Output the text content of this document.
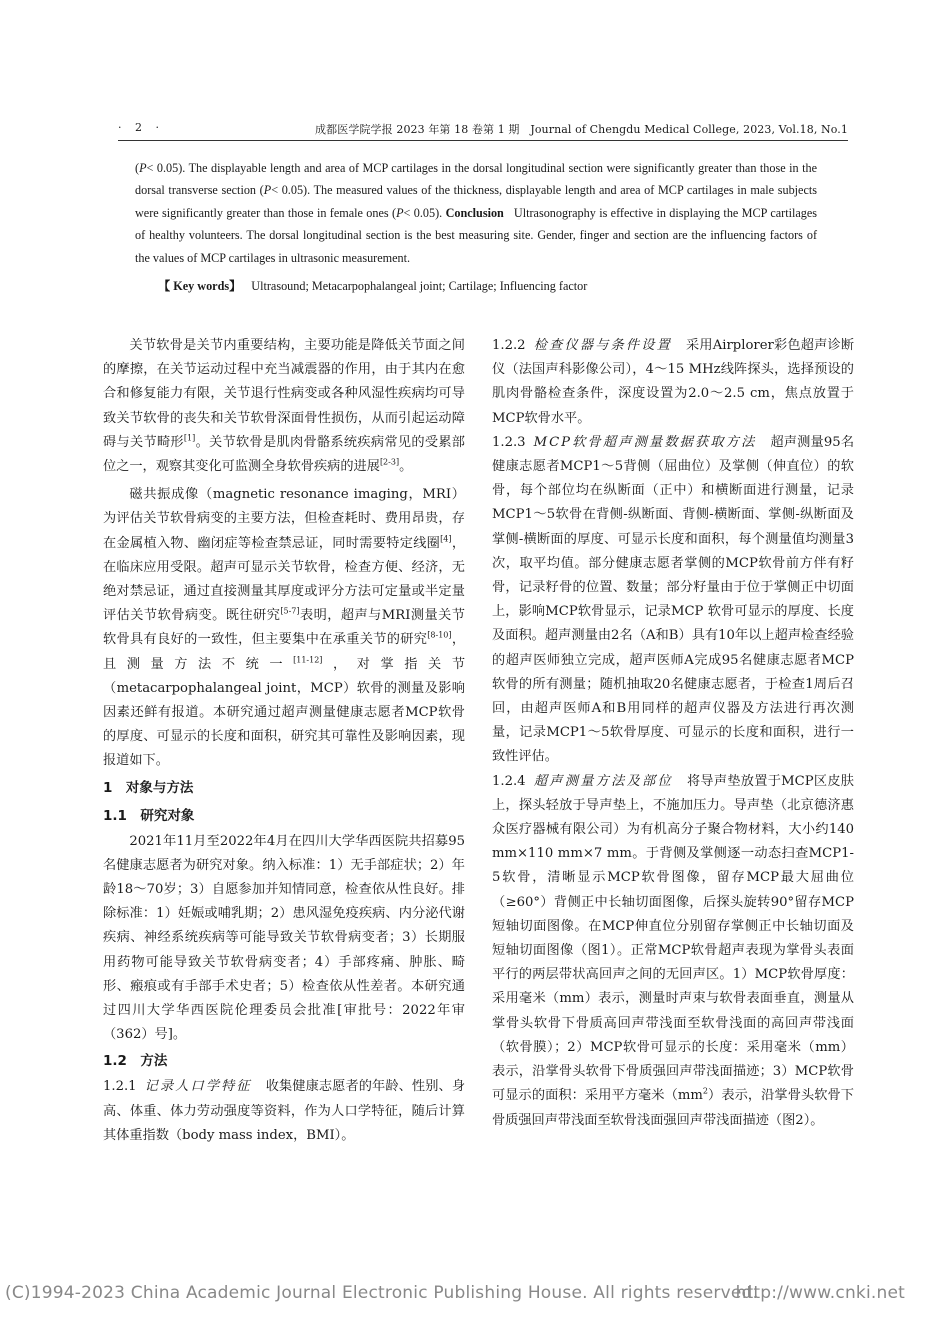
· 2 ·	成都医学院学报 2023 年第 18 卷第 1 期 Journal of Chengdu Medical College, 2023, Vol.18, No.1

(P< 0.05). The displayable length and area of MCP cartilages in the dorsal longitudinal section were significantly greater than those in the dorsal transverse section (P< 0.05). The measured values of the thickness, displayable length and area of MCP cartilages in male subjects were significantly greater than those in female ones (P< 0.05). Conclusion Ultrasonography is effective in displaying the MCP cartilages of healthy volunteers. The dorsal longitudinal section is the best measuring site. Gender, finger and section are the influencing factors of the values of MCP cartilages in ultrasonic measurement.

【 Key words】 Ultrasound; Metacarpophalangeal joint; Cartilage; Influencing factor

关节软骨是关节内重要结构，主要功能是降低关节面之间的摩擦，在关节运动过程中充当减震器的作用，由于其内在愈合和修复能力有限，关节退行性病变或各种风湿性疾病均可导致关节软骨的丧失和关节软骨深面骨性损伤，从而引起运动障碍与关节畸形[1]。关节软骨是肌肉骨骼系统疾病常见的受累部位之一，观察其变化可监测全身软骨疾病的进展[2-3]。

磁共振成像（magnetic resonance imaging，MRI）为评估关节软骨病变的主要方法，但检查耗时、费用昂贵，存在金属植入物、幽闭症等检查禁忌证，同时需要特定线圈[4]，在临床应用受限。超声可显示关节软骨，检查方便、经济，无绝对禁忌证，通过直接测量其厚度或评分方法可定量或半定量评估关节软骨病变。既往研究[5-7]表明，超声与MRI测量关节软骨具有良好的一致性，但主要集中在承重关节的研究[8-10]，且测量方法不统一[11-12]，对掌指关节（metacarpophalangeal joint，MCP）软骨的测量及影响因素还鲜有报道。本研究通过超声测量健康志愿者MCP软骨的厚度、可显示的长度和面积，研究其可靠性及影响因素，现报道如下。

1　对象与方法
1.1　研究对象

2021年11月至2022年4月在四川大学华西医院共招募95名健康志愿者为研究对象。纳入标准：1）无手部症状；2）年龄18～70岁；3）自愿参加并知情同意，检查依从性良好。排除标准：1）妊娠或哺乳期；2）患风湿免疫疾病、内分泌代谢疾病、神经系统疾病等可能导致关节软骨病变者；3）长期服用药物可能导致关节软骨病变者；4）手部疼痛、肿胀、畸形、瘢痕或有手部手术史者；5）检查依从性差者。本研究通过四川大学华西医院伦理委员会批准[审批号：2022年审（362）号]。

1.2　方法

1.2.1 记录人口学特征 收集健康志愿者的年龄、性别、身高、体重、体力劳动强度等资料，作为人口学特征，随后计算其体重指数（body mass index，BMI）。

1.2.2 检查仪器与条件设置 采用Airplorer彩色超声诊断仪（法国声科影像公司），4～15 MHz线阵探头，选择预设的肌肉骨骼检查条件，深度设置为2.0～2.5 cm，焦点放置于MCP软骨水平。

1.2.3 MCP软骨超声测量数据获取方法 超声测量95名健康志愿者MCP1～5背侧（屈曲位）及掌侧（伸直位）的软骨，每个部位均在纵断面（正中）和横断面进行测量，记录MCP1～5软骨在背侧-纵断面、背侧-横断面、掌侧-纵断面及掌侧-横断面的厚度、可显示长度和面积，每个测量值均测量3次，取平均值。部分健康志愿者掌侧的MCP软骨前方伴有籽骨，记录籽骨的位置、数量；部分籽量由于位于掌侧正中切面上，影响MCP软骨显示，记录MCP 软骨可显示的厚度、长度及面积。超声测量由2名（A和B）具有10年以上超声检查经验的超声医师独立完成，超声医师A完成95名健康志愿者MCP软骨的所有测量；随机抽取20名健康志愿者，于检查1周后召回，由超声医师A和B用同样的超声仪器及方法进行再次测量，记录MCP1～5软骨厚度、可显示的长度和面积，进行一致性评估。

1.2.4 超声测量方法及部位 将导声垫放置于MCP区皮肤上，探头轻放于导声垫上，不施加压力。导声垫（北京德济惠众医疗器械有限公司）为有机高分子聚合物材料，大小约140 mm×110 mm×7 mm。于背侧及掌侧逐一动态扫查MCP1-5软骨，清晰显示MCP软骨图像，留存MCP最大屈曲位（≥60°）背侧正中长轴切面图像，后探头旋转90°留存MCP短轴切面图像。在MCP伸直位分别留存掌侧正中长轴切面及短轴切面图像（图1）。正常MCP软骨超声表现为掌骨头表面平行的两层带状高回声之间的无回声区。1）MCP软骨厚度：采用毫米（mm）表示，测量时声束与软骨表面垂直，测量从掌骨头软骨下骨质高回声带浅面至软骨浅面的高回声带浅面（软骨膜）；2）MCP软骨可显示的长度：采用毫米（mm）表示，沿掌骨头软骨下骨质强回声带浅面描迹；3）MCP软骨可显示的面积：采用平方毫米$(mm^2)$表示，沿掌骨头软骨下骨质强回声带浅面至软骨浅面强回声带浅面描迹（图2）。

(C)1994-2023 China Academic Journal Electronic Publishing House. All rights reserved.
http://www.cnki.net
